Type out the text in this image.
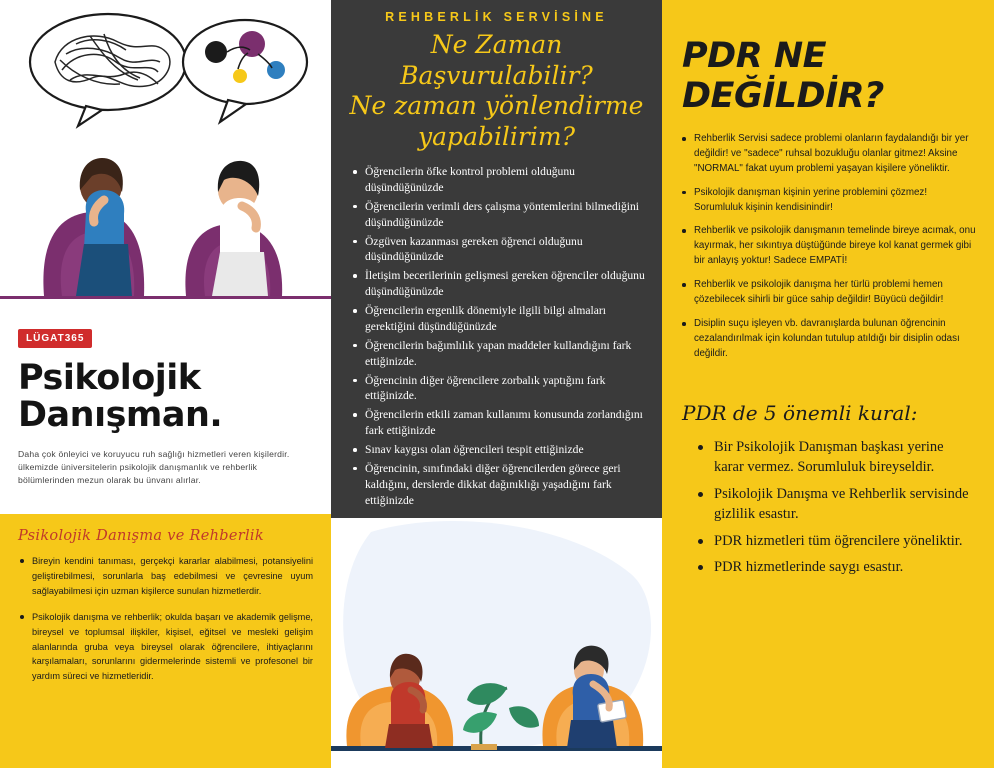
LÜGAT365
Psikolojik Danışman.
Daha çok önleyici ve koruyucu ruh sağlığı hizmetleri veren kişilerdir. ülkemizde üniversitelerin psikolojik danışmanlık ve rehberlik bölümlerinden mezun olarak bu ünvanı alırlar.
Psikolojik Danışma ve Rehberlik
Bireyin kendini tanıması, gerçekçi kararlar alabilmesi, potansiyelini geliştirebilmesi, sorunlarla baş edebilmesi ve çevresine uyum sağlayabilmesi için uzman kişilerce sunulan hizmetlerdir.
Psikolojik danışma ve rehberlik; okulda başarı ve akademik gelişme, bireysel ve toplumsal ilişkiler, kişisel, eğitsel ve mesleki gelişim alanlarında gruba veya bireysel olarak öğrencilere, ihtiyaçlarını karşılamaları, sorunlarını gidermelerinde sistemli ve profesonel bir yardım süreci ve hizmetleridir.
REHBERLİK SERVİSİNE
Ne Zaman Başvurulabilir?
Ne zaman yönlendirme
yapabilirim?
Öğrencilerin öfke kontrol problemi olduğunu düşündüğünüzde
Öğrencilerin verimli ders çalışma yöntemlerini bilmediğini düşündüğünüzde
Özgüven kazanması gereken öğrenci olduğunu düşündüğünüzde
İletişim becerilerinin gelişmesi gereken öğrenciler olduğunu düşündüğünüzde
Öğrencilerin ergenlik dönemiyle ilgili bilgi almaları gerektiğini düşündüğünüzde
Öğrencilerin bağımlılık yapan maddeler kullandığını fark ettiğinizde.
Öğrencinin diğer öğrencilere zorbalık yaptığını fark ettiğinizde.
Öğrencilerin etkili zaman kullanımı konusunda zorlandığını fark ettiğinizde
Sınav kaygısı olan öğrencileri tespit ettiğinizde
Öğrencinin, sınıfındaki diğer öğrencilerden görece geri kaldığını, derslerde dikkat dağınıklığı yaşadığını fark ettiğinizde
PDR NE DEĞİLDİR?
Rehberlik Servisi sadece problemi olanların faydalandığı bir yer değildir! ve "sadece" ruhsal bozukluğu olanlar gitmez! Aksine "NORMAL" fakat uyum problemi yaşayan kişilere yöneliktir.
Psikolojik danışman kişinin yerine problemini çözmez! Sorumluluk kişinin kendisinindir!
Rehberlik ve psikolojik danışmanın temelinde bireye acımak, onu kayırmak, her sıkıntıya düştüğünde bireye kol kanat germek gibi bir anlayış yoktur! Sadece EMPATİ!
Rehberlik ve psikolojik danışma her türlü problemi hemen çözebilecek sihirli bir güce sahip değildir! Büyücü değildir!
Disiplin suçu işleyen vb. davranışlarda bulunan öğrencinin cezalandırılmak için kolundan tutulup atıldığı bir disiplin odası değildir.
PDR de 5 önemli kural:
Bir Psikolojik Danışman başkası yerine karar vermez. Sorumluluk bireyseldir.
Psikolojik Danışma ve Rehberlik servisinde gizlilik esastır.
PDR hizmetleri tüm öğrencilere yöneliktir.
PDR hizmetlerinde saygı esastır.
